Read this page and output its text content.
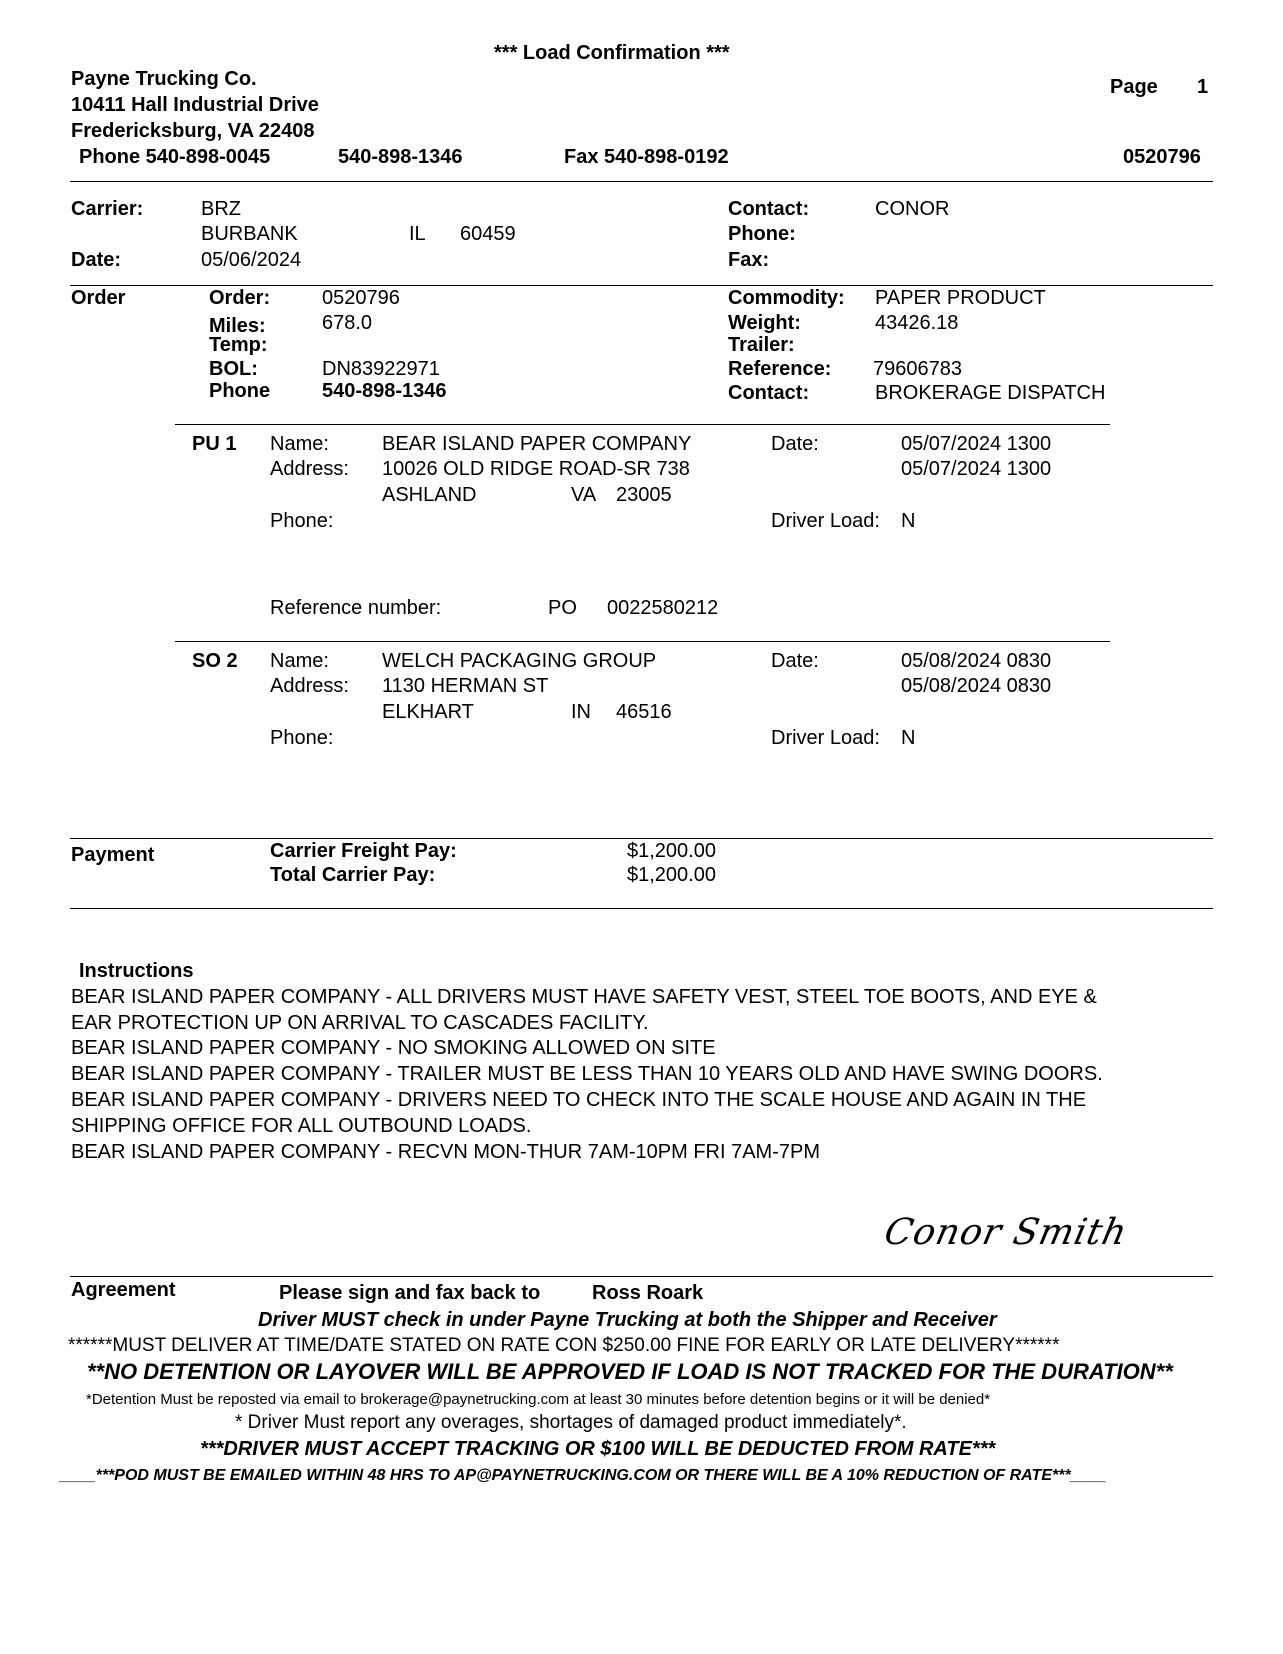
*** Load Confirmation ***
Payne Trucking Co.
10411 Hall Industrial Drive
Fredericksburg, VA 22408
Phone 540-898-0045	540-898-1346	Fax 540-898-0192
Page 1
0520796
Carrier:	BRZ
BURBANK	IL 60459
Date:	05/06/2024
Contact:	CONOR
Phone:
Fax:
Order	Order:	0520796
Miles:	678.0
Temp:
BOL:	DN83922971
Phone	540-898-1346
Commodity: PAPER PRODUCT
Weight:	43426.18
Trailer:
Reference: 79606783
Contact:	BROKERAGE DISPATCH
PU 1 Name:	BEAR ISLAND PAPER COMPANY
Address: 10026 OLD RIDGE ROAD-SR 738
ASHLAND	VA 23005
Phone:
Date:	05/07/2024 1300
05/07/2024 1300
Driver Load: N
Reference number:	PO 0022580212
SO 2 Name:	WELCH PACKAGING GROUP
Address: 1130 HERMAN ST
ELKHART	IN 46516
Phone:
Date:	05/08/2024 0830
05/08/2024 0830
Driver Load: N
Payment	Carrier Freight Pay:	$1,200.00
Total Carrier Pay:	$1,200.00
Instructions
BEAR ISLAND PAPER COMPANY - ALL DRIVERS MUST HAVE SAFETY VEST, STEEL TOE BOOTS, AND EYE &
EAR PROTECTION UP ON ARRIVAL TO CASCADES FACILITY.
BEAR ISLAND PAPER COMPANY - NO SMOKING ALLOWED ON SITE
BEAR ISLAND PAPER COMPANY - TRAILER MUST BE LESS THAN 10 YEARS OLD AND HAVE SWING DOORS.
BEAR ISLAND PAPER COMPANY - DRIVERS NEED TO CHECK INTO THE SCALE HOUSE AND AGAIN IN THE
SHIPPING OFFICE FOR ALL OUTBOUND LOADS.
BEAR ISLAND PAPER COMPANY - RECVN MON-THUR 7AM-10PM FRI 7AM-7PM
Conor Smith
Agreement	Please sign and fax back to	Ross Roark
Driver MUST check in under Payne Trucking at both the Shipper and Receiver
******MUST DELIVER AT TIME/DATE STATED ON RATE CON $250.00 FINE FOR EARLY OR LATE DELIVERY******
**NO DETENTION OR LAYOVER WILL BE APPROVED IF LOAD IS NOT TRACKED FOR THE DURATION**
*Detention Must be reposted via email to brokerage@paynetrucking.com at least 30 minutes before detention begins or it will be denied*
* Driver Must report any overages, shortages of damaged product immediately*.
***DRIVER MUST ACCEPT TRACKING OR $100 WILL BE DEDUCTED FROM RATE***
____***POD MUST BE EMAILED WITHIN 48 HRS TO AP@PAYNETRUCKING.COM OR THERE WILL BE A 10% REDUCTION OF RATE***____
